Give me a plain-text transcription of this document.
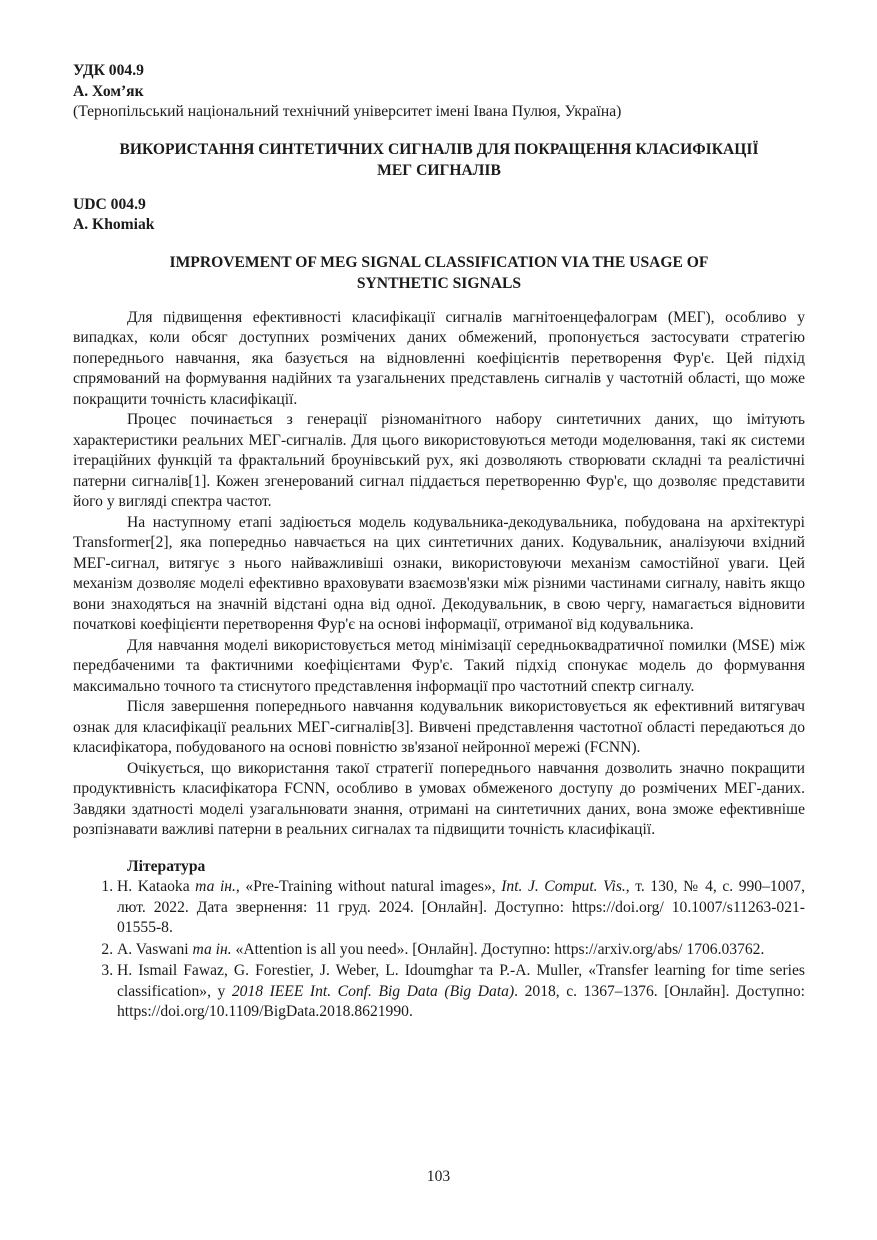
УДК 004.9

А. Хом’як

(Тернопільський національний технічний університет імені Івана Пулюя, Україна)

ВИКОРИСТАННЯ СИНТЕТИЧНИХ СИГНАЛІВ ДЛЯ ПОКРАЩЕННЯ КЛАСИФІКАЦІЇ
МЕГ СИГНАЛІВ

UDC 004.9

A. Khomiak

IMPROVEMENT OF MEG SIGNAL CLASSIFICATION VIA THE USAGE OF
SYNTHETIC SIGNALS

Для підвищення ефективності класифікації сигналів магнітоенцефалограм (МЕГ), особливо у випадках, коли обсяг доступних розмічених даних обмежений, пропонується застосувати стратегію попереднього навчання, яка базується на відновленні коефіцієнтів перетворення Фур'є. Цей підхід спрямований на формування надійних та узагальнених представлень сигналів у частотній області, що може покращити точність класифікації.

Процес починається з генерації різноманітного набору синтетичних даних, що імітують характеристики реальних МЕГ-сигналів. Для цього використовуються методи моделювання, такі як системи ітераційних функцій та фрактальний броунівський рух, які дозволяють створювати складні та реалістичні патерни сигналів[1]. Кожен згенерований сигнал піддається перетворенню Фур'є, що дозволяє представити його у вигляді спектра частот.

На наступному етапі задіюється модель кодувальника-декодувальника, побудована на архітектурі Transformer[2], яка попередньо навчається на цих синтетичних даних. Кодувальник, аналізуючи вхідний МЕГ-сигнал, витягує з нього найважливіші ознаки, використовуючи механізм самостійної уваги. Цей механізм дозволяє моделі ефективно враховувати взаємозв'язки між різними частинами сигналу, навіть якщо вони знаходяться на значній відстані одна від одної. Декодувальник, в свою чергу, намагається відновити початкові коефіцієнти перетворення Фур'є на основі інформації, отриманої від кодувальника.

Для навчання моделі використовується метод мінімізації середньоквадратичної помилки (MSE) між передбаченими та фактичними коефіцієнтами Фур'є. Такий підхід спонукає модель до формування максимально точного та стиснутого представлення інформації про частотний спектр сигналу.

Після завершення попереднього навчання кодувальник використовується як ефективний витягувач ознак для класифікації реальних МЕГ-сигналів[3]. Вивчені представлення частотної області передаються до класифікатора, побудованого на основі повністю зв'язаної нейронної мережі (FCNN).

Очікується, що використання такої стратегії попереднього навчання дозволить значно покращити продуктивність класифікатора FCNN, особливо в умовах обмеженого доступу до розмічених МЕГ-даних. Завдяки здатності моделі узагальнювати знання, отримані на синтетичних даних, вона зможе ефективніше розпізнавати важливі патерни в реальних сигналах та підвищити точність класифікації.

Література
1. H. Kataoka та ін., «Pre-Training without natural images», Int. J. Comput. Vis., т. 130, № 4, с. 990–1007, лют. 2022. Дата звернення: 11 груд. 2024. [Онлайн]. Доступно: https://doi.org/ 10.1007/s11263-021-01555-8.
2. A. Vaswani та ін. «Attention is all you need». [Онлайн]. Доступно: https://arxiv.org/abs/ 1706.03762.
3. H. Ismail Fawaz, G. Forestier, J. Weber, L. Idoumghar та P.-A. Muller, «Transfer learning for time series classification», у 2018 IEEE Int. Conf. Big Data (Big Data). 2018, с. 1367–1376. [Онлайн]. Доступно: https://doi.org/10.1109/BigData.2018.8621990.
103
